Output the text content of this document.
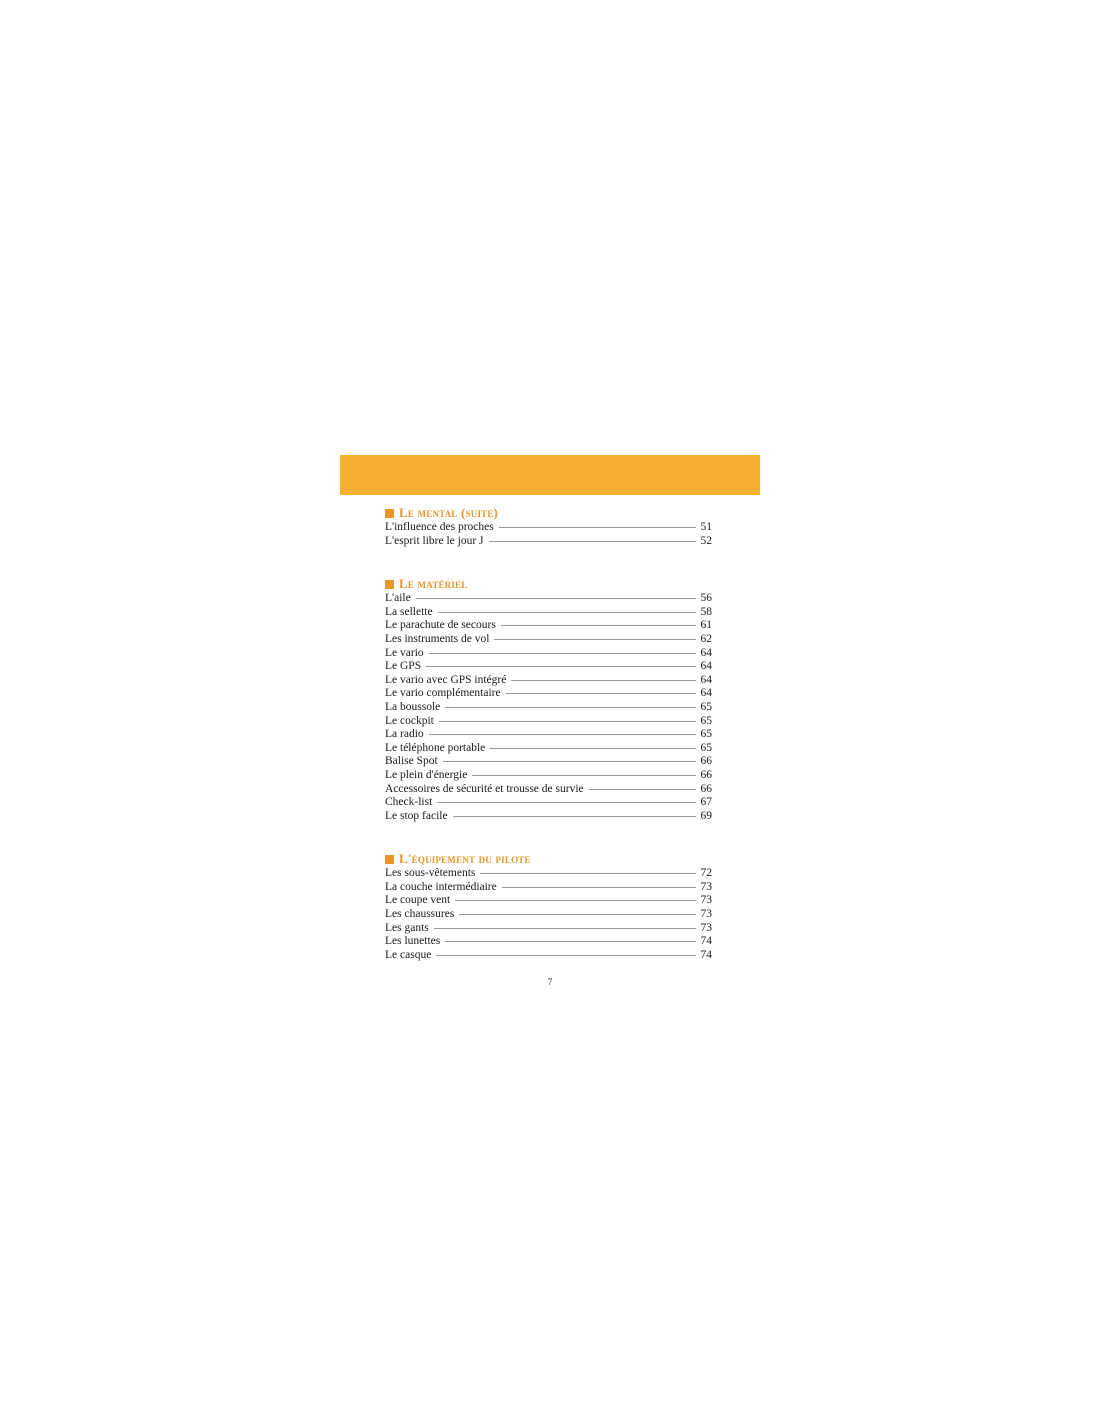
Le mental (suite)
L'influence des proches	51
L'esprit libre le jour J	52
Le matériel
L'aile	56
La sellette	58
Le parachute de secours	61
Les instruments de vol	62
Le vario	64
Le GPS	64
Le vario avec GPS intégré	64
Le vario complémentaire	64
La boussole	65
Le cockpit	65
La radio	65
Le téléphone portable	65
Balise Spot	66
Le plein d'énergie	66
Accessoires de sécurité et trousse de survie	66
Check-list	67
Le stop facile	69
L'équipement du pilote
Les sous-vêtements	72
La couche intermédiaire	73
Le coupe vent	73
Les chaussures	73
Les gants	73
Les lunettes	74
Le casque	74
7
